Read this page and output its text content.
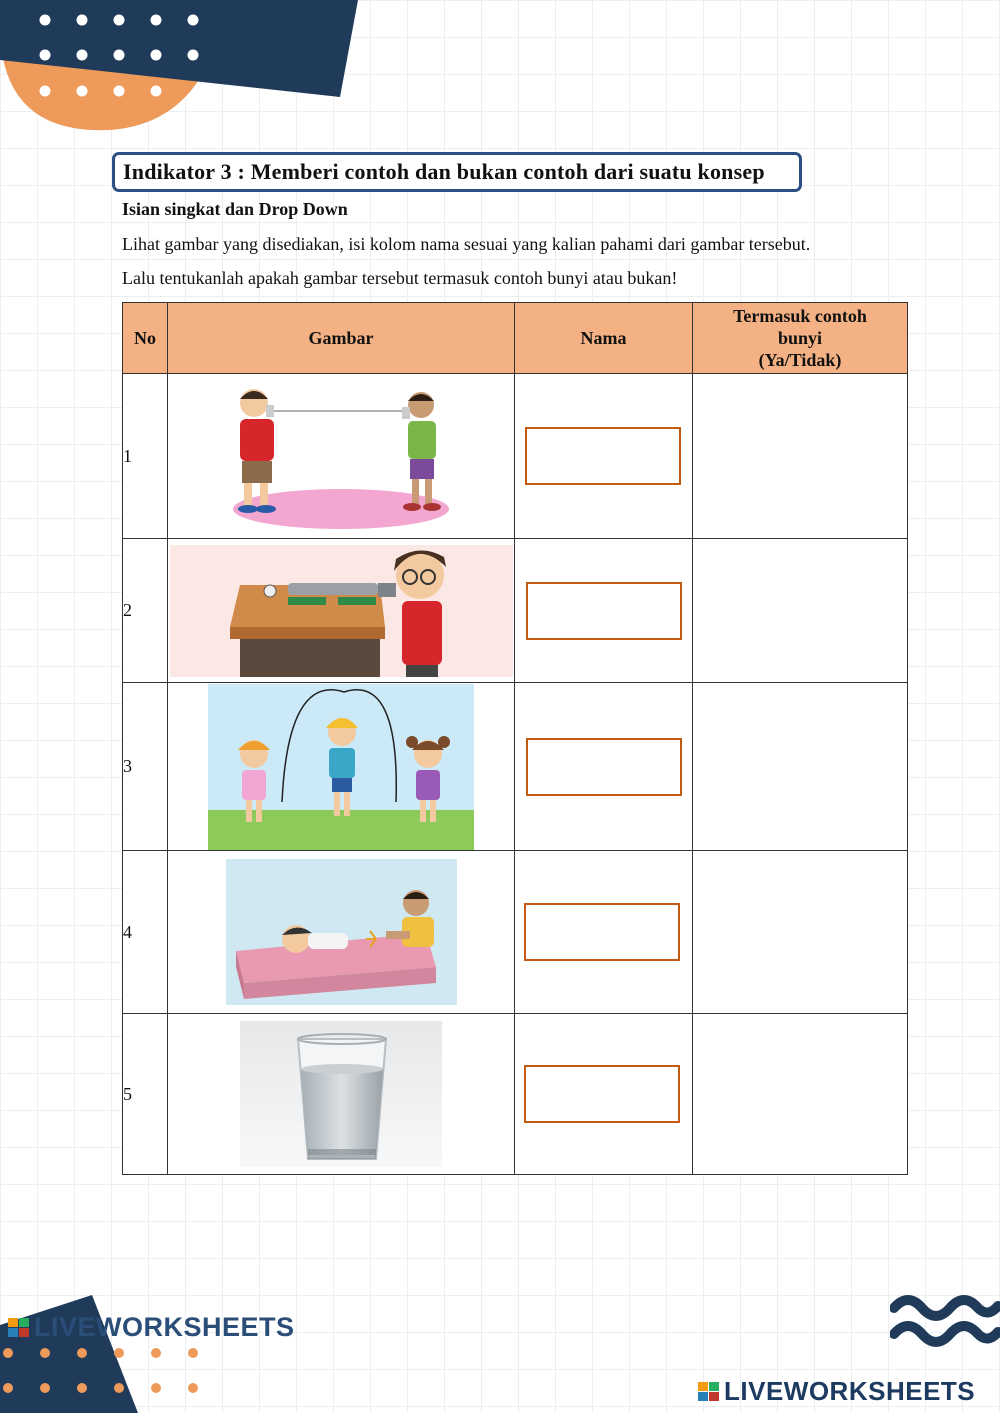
Indikator 3 : Memberi contoh dan bukan contoh dari suatu konsep
Isian singkat dan Drop Down
Lihat gambar yang disediakan, isi kolom nama sesuai yang kalian pahami dari gambar tersebut.
Lalu tentukanlah apakah gambar tersebut termasuk contoh bunyi atau bukan!
No	Gambar	Nama	Termasuk contoh
bunyi
(Ya/Tidak)

1	

2	

3	

4	

5	

LIVEWORKSHEETS
LIVEWORKSHEETS
